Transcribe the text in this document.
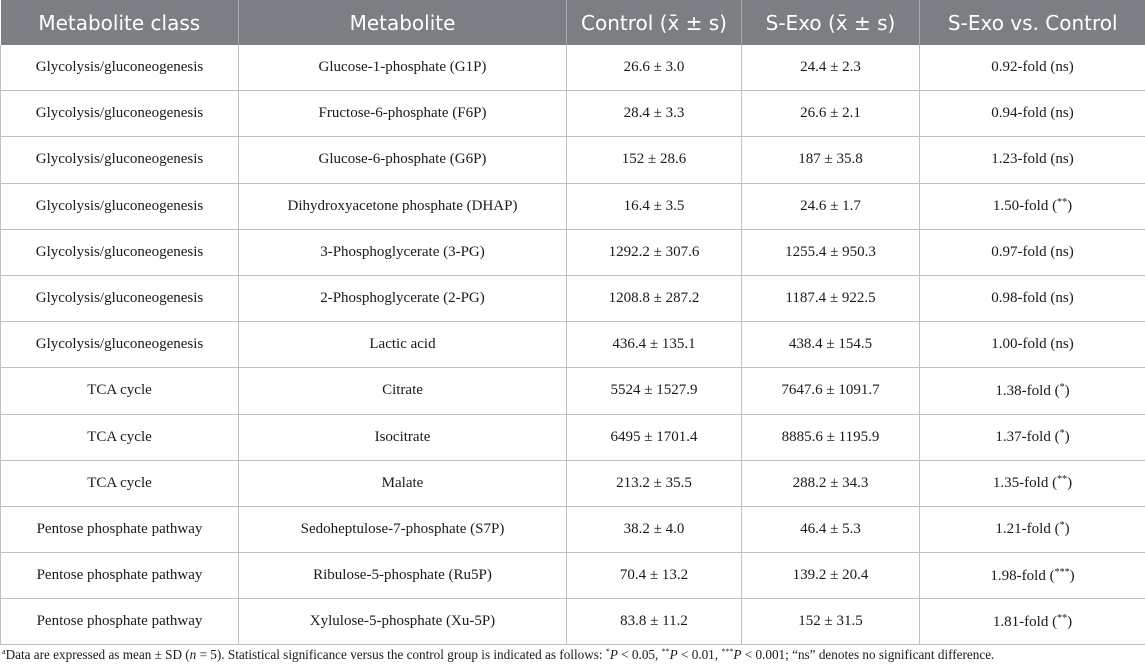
Metabolite class	Metabolite	Control (x̄ ± s)	S-Exo (x̄ ± s)	S-Exo vs. Control
Glycolysis/gluconeogenesis	Glucose-1-phosphate (G1P)	26.6 ± 3.0	24.4 ± 2.3	0.92-fold (ns)
Glycolysis/gluconeogenesis	Fructose-6-phosphate (F6P)	28.4 ± 3.3	26.6 ± 2.1	0.94-fold (ns)
Glycolysis/gluconeogenesis	Glucose-6-phosphate (G6P)	152 ± 28.6	187 ± 35.8	1.23-fold (ns)
Glycolysis/gluconeogenesis	Dihydroxyacetone phosphate (DHAP)	16.4 ± 3.5	24.6 ± 1.7	1.50-fold (**)
Glycolysis/gluconeogenesis	3-Phosphoglycerate (3-PG)	1292.2 ± 307.6	1255.4 ± 950.3	0.97-fold (ns)
Glycolysis/gluconeogenesis	2-Phosphoglycerate (2-PG)	1208.8 ± 287.2	1187.4 ± 922.5	0.98-fold (ns)
Glycolysis/gluconeogenesis	Lactic acid	436.4 ± 135.1	438.4 ± 154.5	1.00-fold (ns)
TCA cycle	Citrate	5524 ± 1527.9	7647.6 ± 1091.7	1.38-fold (*)
TCA cycle	Isocitrate	6495 ± 1701.4	8885.6 ± 1195.9	1.37-fold (*)
TCA cycle	Malate	213.2 ± 35.5	288.2 ± 34.3	1.35-fold (**)
Pentose phosphate pathway	Sedoheptulose-7-phosphate (S7P)	38.2 ± 4.0	46.4 ± 5.3	1.21-fold (*)
Pentose phosphate pathway	Ribulose-5-phosphate (Ru5P)	70.4 ± 13.2	139.2 ± 20.4	1.98-fold (***)
Pentose phosphate pathway	Xylulose-5-phosphate (Xu-5P)	83.8 ± 11.2	152 ± 31.5	1.81-fold (**)
$^a$Data are expressed as mean ± SD (n = 5). Statistical significance versus the control group is indicated as follows: *P < 0.05, **P < 0.01, ***P < 0.001; “ns” denotes no significant difference.
